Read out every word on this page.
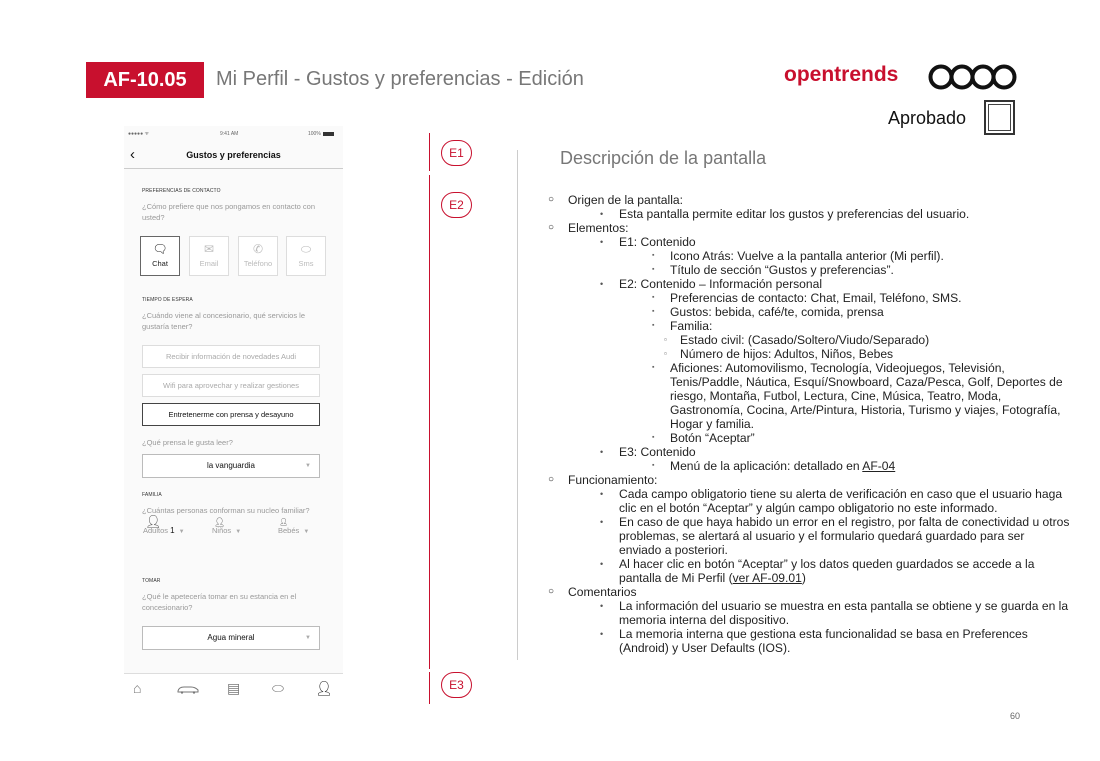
AF-10.05	Mi Perfil - Gustos y preferencias - Edición	opentrends
Aprobado
●●●●● ᯤ	9:41 AM	100%
‹	Gustos y preferencias
PREFERENCIAS DE CONTACTO
¿Cómo prefiere que nos pongamos en contacto con usted?
🗨︎
Chat
✉︎
Email
✆︎
Teléfono
⬭
Sms
TIEMPO DE ESPERA
¿Cuándo viene al concesionario, qué servicios le gustaría tener?
Recibir información de novedades Audi
Wifi para aprovechar y realizar gestiones
Entretenerme con prensa y desayuno
¿Qué prensa le gusta leer?
la vanguardia	▼
FAMILIA
¿Cuántas personas conforman su nucleo familiar?
👤︎
Adultos 1 ▼
👤︎
Niños ▼
👤︎
Bebés ▼
TOMAR
¿Qué le apetecería tomar en su estancia en el concesionario?
Agua mineral	▼
⌂	▤ ⬭ 👤︎
E1
E2
E3
Descripción de la pantalla
○ Origen de la pantalla:
• Esta pantalla permite editar los gustos y preferencias del usuario.
○ Elementos:
• E1: Contenido
▪ Icono Atrás: Vuelve a la pantalla anterior (Mi perfil).
▪ Título de sección “Gustos y preferencias”.
• E2: Contenido – Información personal
▪ Preferencias de contacto: Chat, Email, Teléfono, SMS.
▪ Gustos: bebida, café/te, comida, prensa
▪ Familia:
▫ Estado civil: (Casado/Soltero/Viudo/Separado)
▫ Número de hijos: Adultos, Niños, Bebes
▪ Aficiones: Automovilismo, Tecnología, Videojuegos, Televisión, Tenis/Paddle, Náutica, Esquí/Snowboard, Caza/Pesca, Golf, Deportes de riesgo, Montaña, Futbol, Lectura, Cine, Música, Teatro, Moda, Gastronomía, Cocina, Arte/Pintura, Historia, Turismo y viajes, Fotografía, Hogar y familia.
▪ Botón “Aceptar”
• E3: Contenido
▪ Menú de la aplicación: detallado en AF-04
○ Funcionamiento:
• Cada campo obligatorio tiene su alerta de verificación en caso que el usuario haga clic en el botón “Aceptar” y algún campo obligatorio no este informado.
• En caso de que haya habido un error en el registro, por falta de conectividad u otros problemas, se alertará al usuario y el formulario quedará guardado para ser enviado a posteriori.
• Al hacer clic en botón “Aceptar” y los datos queden guardados se accede a la pantalla de Mi Perfil (ver AF-09.01)
○ Comentarios
• La información del usuario se muestra en esta pantalla se obtiene y se guarda en la memoria interna del dispositivo.
• La memoria interna que gestiona esta funcionalidad se basa en Preferences (Android) y User Defaults (IOS).
60
